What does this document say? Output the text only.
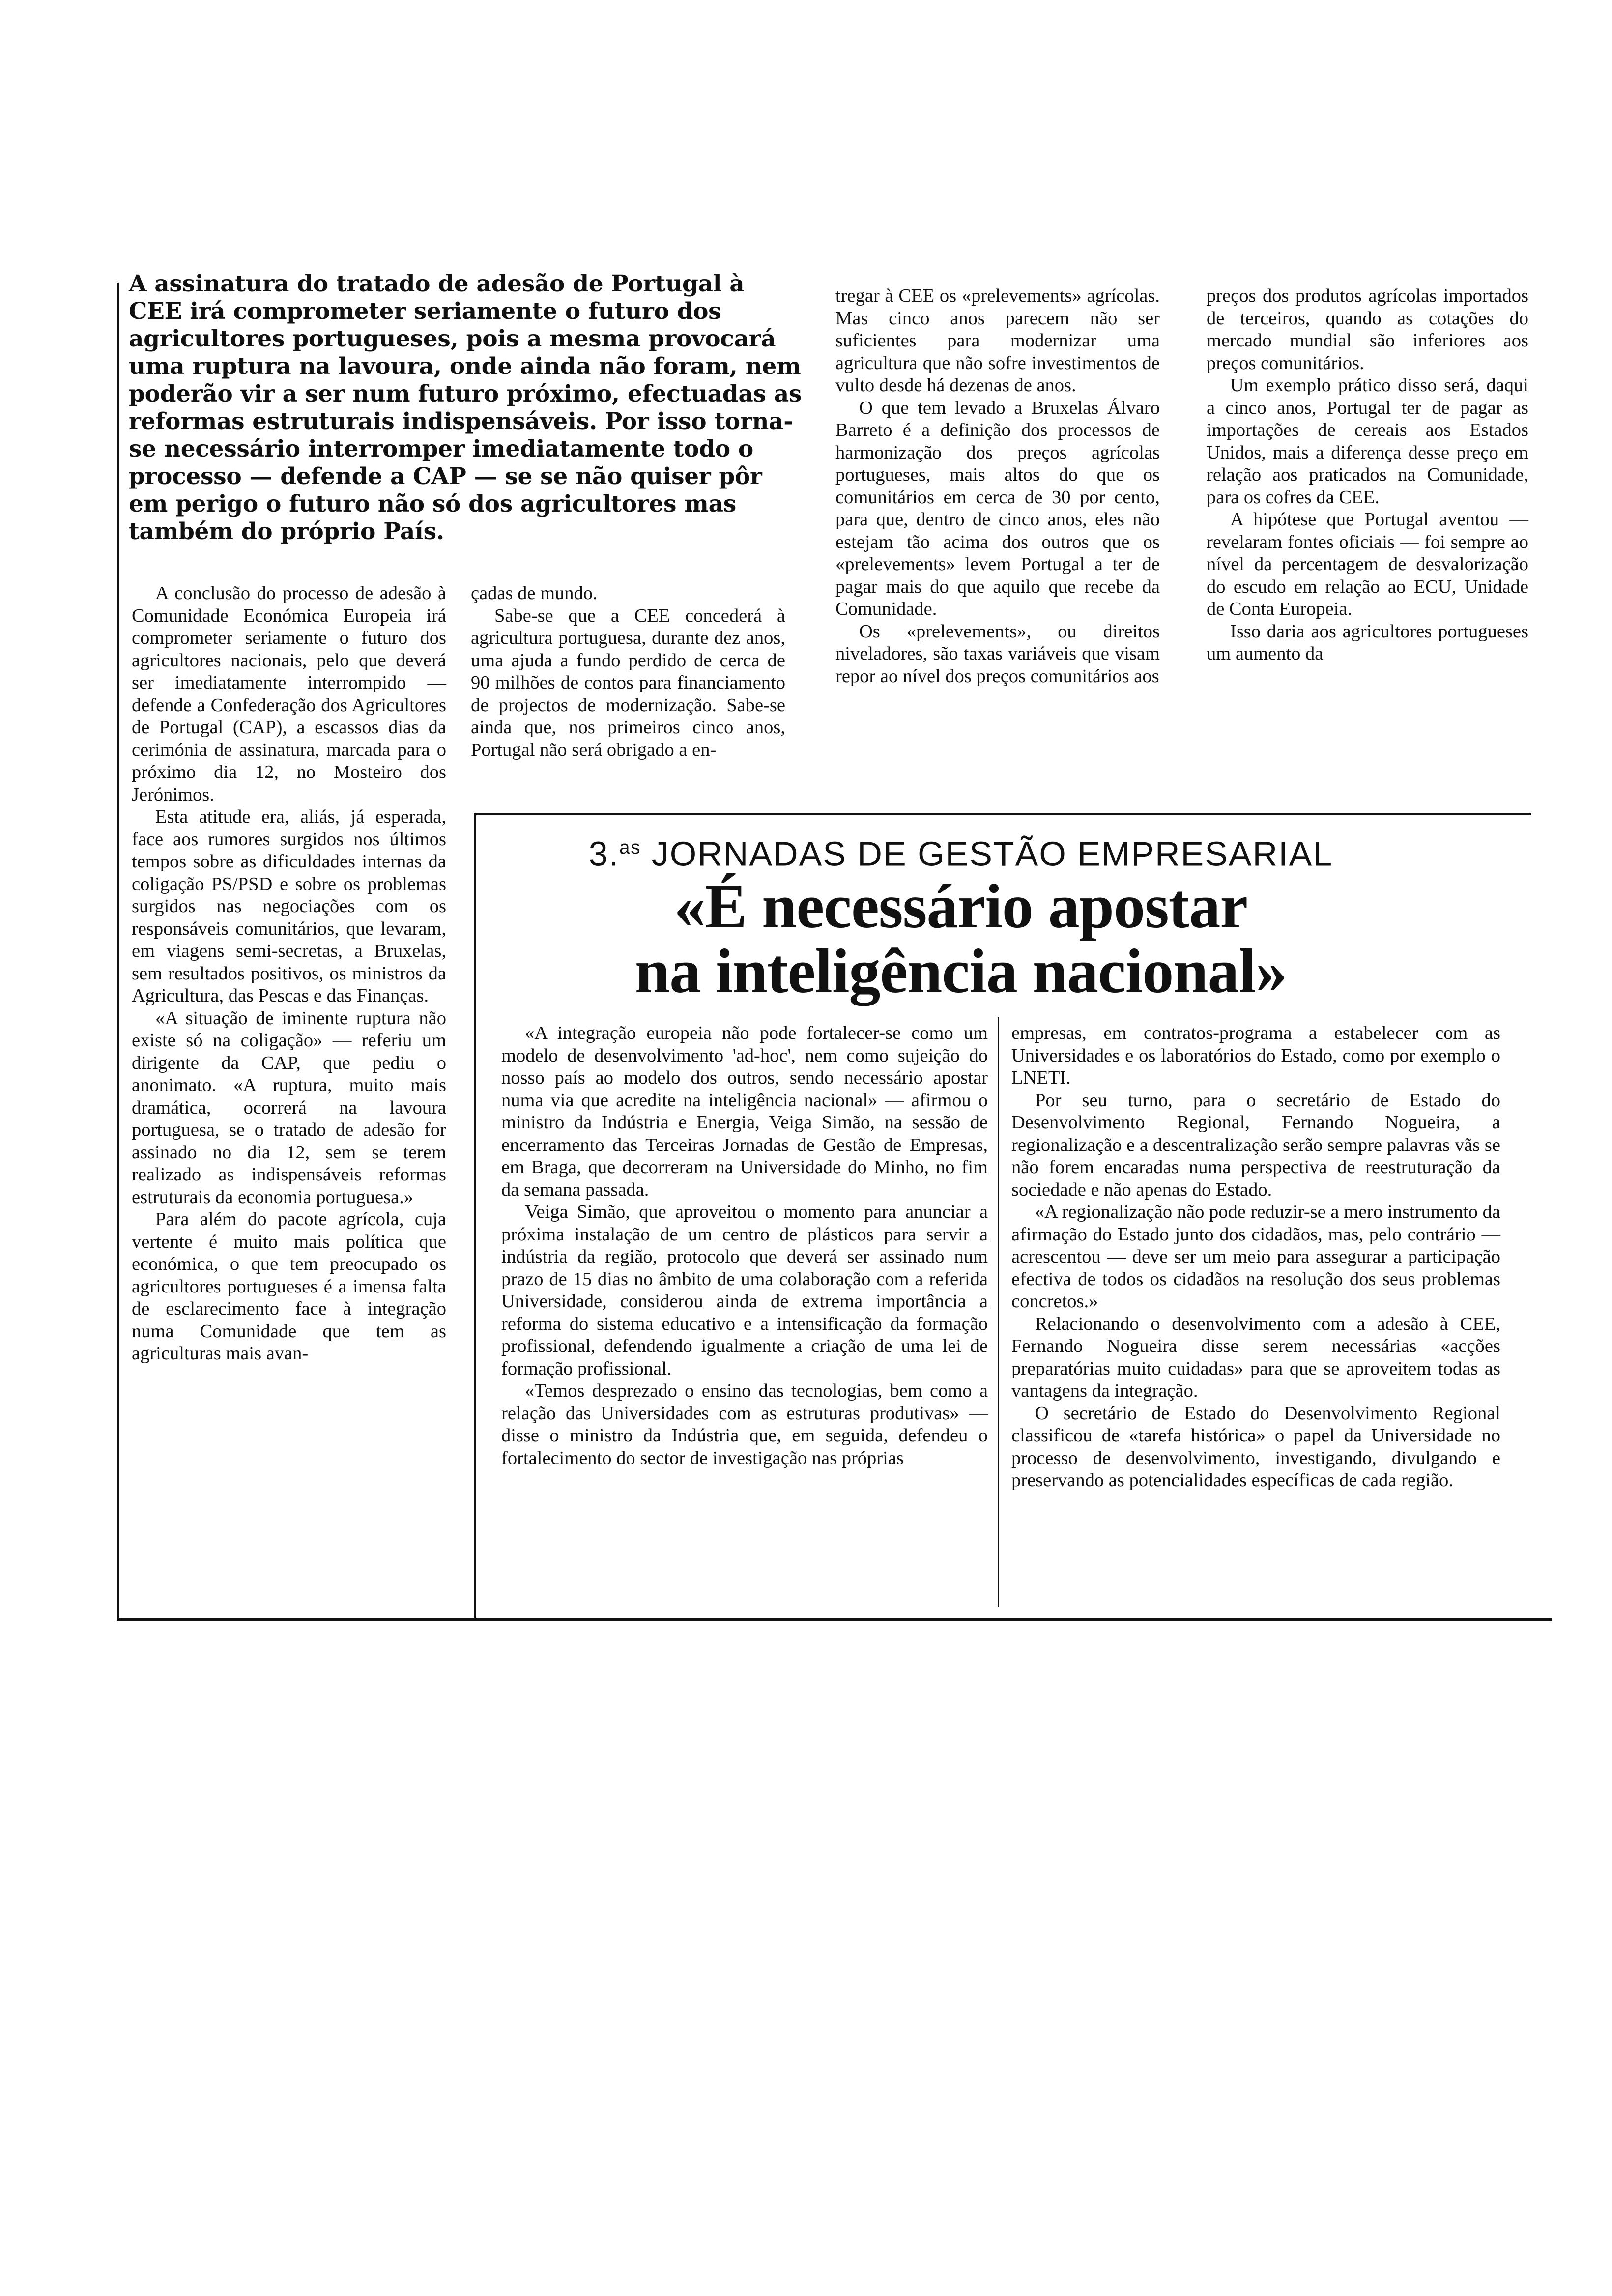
A assinatura do tratado de adesão de Portugal à CEE irá comprometer seriamente o futuro dos agricultores portugueses, pois a mesma provocará uma ruptura na lavoura, onde ainda não foram, nem poderão vir a ser num futuro próximo, efectuadas as reformas estruturais indispensáveis. Por isso torna-se necessário interromper imediatamente todo o processo — defende a CAP — se se não quiser pôr em perigo o futuro não só dos agricultores mas também do próprio País.

A conclusão do processo de adesão à Comunidade Económica Europeia irá comprometer seriamente o futuro dos agricultores nacionais, pelo que deverá ser imediatamente interrompido — defende a Confederação dos Agricultores de Portugal (CAP), a escassos dias da cerimónia de assinatura, marcada para o próximo dia 12, no Mosteiro dos Jerónimos.

Esta atitude era, aliás, já esperada, face aos rumores surgidos nos últimos tempos sobre as dificuldades internas da coligação PS/PSD e sobre os problemas surgidos nas negociações com os responsáveis comunitários, que levaram, em viagens semi-secretas, a Bruxelas, sem resultados positivos, os ministros da Agricultura, das Pescas e das Finanças.

«A situação de iminente ruptura não existe só na coligação» — referiu um dirigente da CAP, que pediu o anonimato. «A ruptura, muito mais dramática, ocorrerá na lavoura portuguesa, se o tratado de adesão for assinado no dia 12, sem se terem realizado as indispensáveis reformas estruturais da economia portuguesa.»

Para além do pacote agrícola, cuja vertente é muito mais política que económica, o que tem preocupado os agricultores portugueses é a imensa falta de esclarecimento face à integração numa Comunidade que tem as agriculturas mais avan-

çadas de mundo.

Sabe-se que a CEE concederá à agricultura portuguesa, durante dez anos, uma ajuda a fundo perdido de cerca de 90 milhões de contos para financiamento de projectos de modernização. Sabe-se ainda que, nos primeiros cinco anos, Portugal não será obrigado a en-

tregar à CEE os «prelevements» agrícolas. Mas cinco anos parecem não ser suficientes para modernizar uma agricultura que não sofre investimentos de vulto desde há dezenas de anos.

O que tem levado a Bruxelas Álvaro Barreto é a definição dos processos de harmonização dos preços agrícolas portugueses, mais altos do que os comunitários em cerca de 30 por cento, para que, dentro de cinco anos, eles não estejam tão acima dos outros que os «prelevements» levem Portugal a ter de pagar mais do que aquilo que recebe da Comunidade.

Os «prelevements», ou direitos niveladores, são taxas variáveis que visam repor ao nível dos preços comunitários aos

preços dos produtos agrícolas importados de terceiros, quando as cotações do mercado mundial são inferiores aos preços comunitários.

Um exemplo prático disso será, daqui a cinco anos, Portugal ter de pagar as importações de cereais aos Estados Unidos, mais a diferença desse preço em relação aos praticados na Comunidade, para os cofres da CEE.

A hipótese que Portugal aventou — revelaram fontes oficiais — foi sempre ao nível da percentagem de desvalorização do escudo em relação ao ECU, Unidade de Conta Europeia.

Isso daria aos agricultores portugueses um aumento da

3.$^{as}$ JORNADAS DE GESTÃO EMPRESARIAL
«É necessário apostar
na inteligência nacional»

«A integração europeia não pode fortalecer-se como um modelo de desenvolvimento 'ad-hoc', nem como sujeição do nosso país ao modelo dos outros, sendo necessário apostar numa via que acredite na inteligência nacional» — afirmou o ministro da Indústria e Energia, Veiga Simão, na sessão de encerramento das Terceiras Jornadas de Gestão de Empresas, em Braga, que decorreram na Universidade do Minho, no fim da semana passada.

Veiga Simão, que aproveitou o momento para anunciar a próxima instalação de um centro de plásticos para servir a indústria da região, protocolo que deverá ser assinado num prazo de 15 dias no âmbito de uma colaboração com a referida Universidade, considerou ainda de extrema importância a reforma do sistema educativo e a intensificação da formação profissional, defendendo igualmente a criação de uma lei de formação profissional.

«Temos desprezado o ensino das tecnologias, bem como a relação das Universidades com as estruturas produtivas» — disse o ministro da Indústria que, em seguida, defendeu o fortalecimento do sector de investigação nas próprias

empresas, em contratos-programa a estabelecer com as Universidades e os laboratórios do Estado, como por exemplo o LNETI.

Por seu turno, para o secretário de Estado do Desenvolvimento Regional, Fernando Nogueira, a regionalização e a descentralização serão sempre palavras vãs se não forem encaradas numa perspectiva de reestruturação da sociedade e não apenas do Estado.

«A regionalização não pode reduzir-se a mero instrumento da afirmação do Estado junto dos cidadãos, mas, pelo contrário — acrescentou — deve ser um meio para assegurar a participação efectiva de todos os cidadãos na resolução dos seus problemas concretos.»

Relacionando o desenvolvimento com a adesão à CEE, Fernando Nogueira disse serem necessárias «acções preparatórias muito cuidadas» para que se aproveitem todas as vantagens da integração.

O secretário de Estado do Desenvolvimento Regional classificou de «tarefa histórica» o papel da Universidade no processo de desenvolvimento, investigando, divulgando e preservando as potencialidades específicas de cada região.
